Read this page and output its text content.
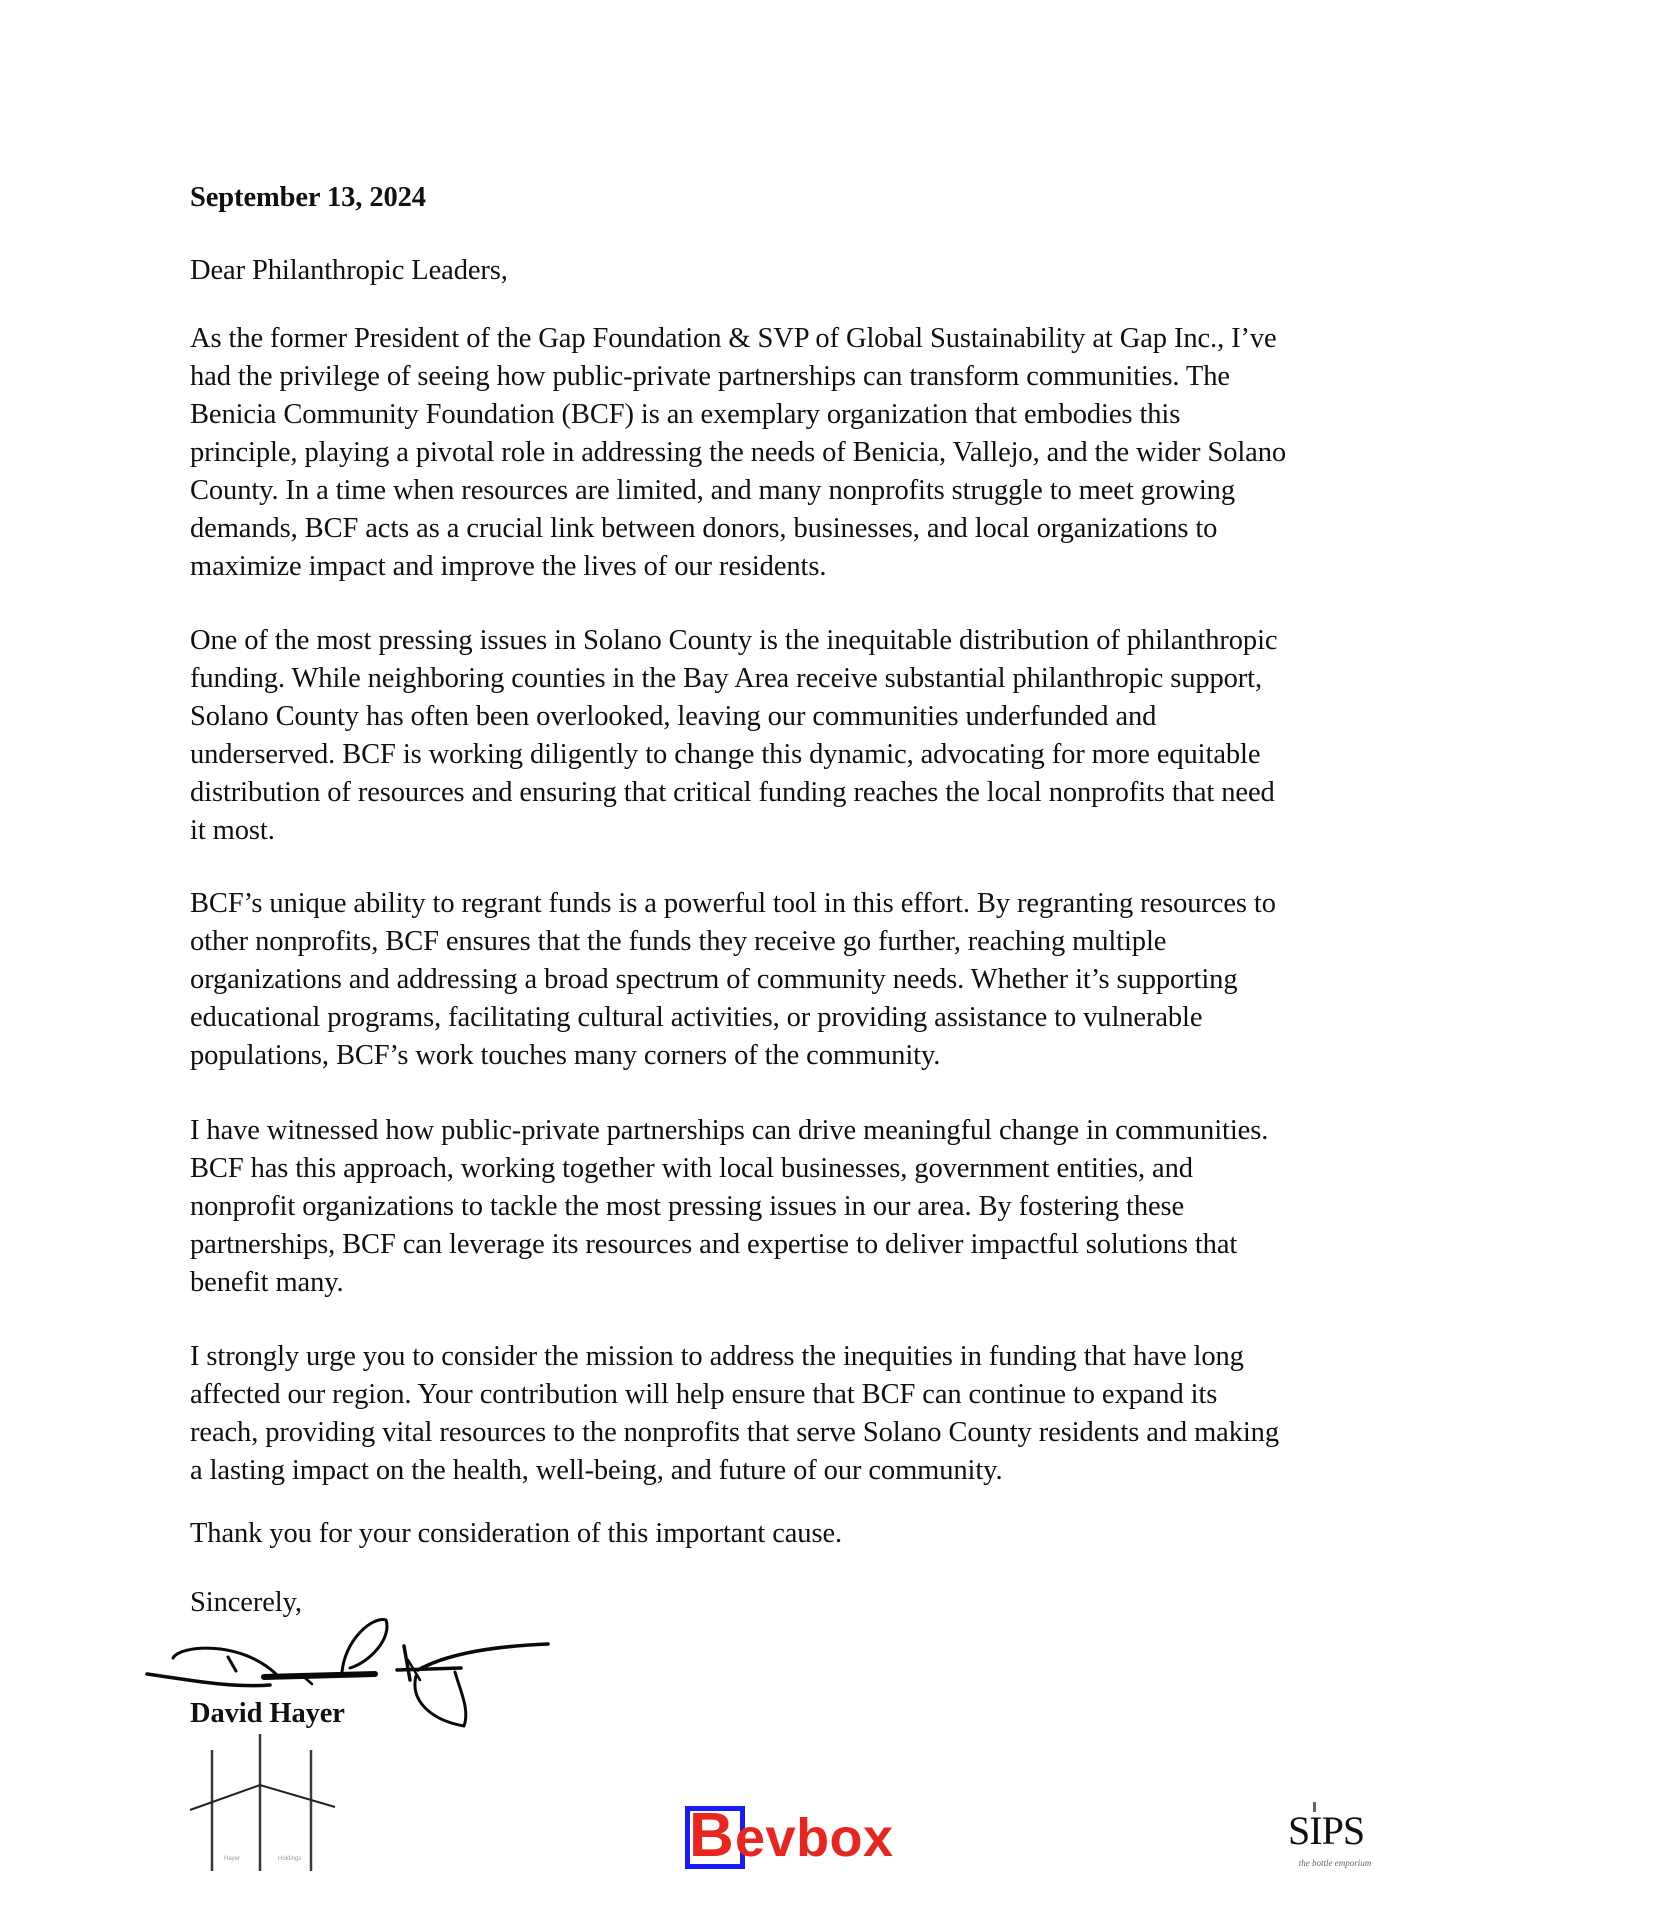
September 13, 2024
Dear Philanthropic Leaders,
As the former President of the Gap Foundation & SVP of Global Sustainability at Gap Inc., I’ve
had the privilege of seeing how public-private partnerships can transform communities. The
Benicia Community Foundation (BCF) is an exemplary organization that embodies this
principle, playing a pivotal role in addressing the needs of Benicia, Vallejo, and the wider Solano
County. In a time when resources are limited, and many nonprofits struggle to meet growing
demands, BCF acts as a crucial link between donors, businesses, and local organizations to
maximize impact and improve the lives of our residents.
One of the most pressing issues in Solano County is the inequitable distribution of philanthropic
funding. While neighboring counties in the Bay Area receive substantial philanthropic support,
Solano County has often been overlooked, leaving our communities underfunded and
underserved. BCF is working diligently to change this dynamic, advocating for more equitable
distribution of resources and ensuring that critical funding reaches the local nonprofits that need
it most.
BCF’s unique ability to regrant funds is a powerful tool in this effort. By regranting resources to
other nonprofits, BCF ensures that the funds they receive go further, reaching multiple
organizations and addressing a broad spectrum of community needs. Whether it’s supporting
educational programs, facilitating cultural activities, or providing assistance to vulnerable
populations, BCF’s work touches many corners of the community.
I have witnessed how public-private partnerships can drive meaningful change in communities.
BCF has this approach, working together with local businesses, government entities, and
nonprofit organizations to tackle the most pressing issues in our area. By fostering these
partnerships, BCF can leverage its resources and expertise to deliver impactful solutions that
benefit many.
I strongly urge you to consider the mission to address the inequities in funding that have long
affected our region. Your contribution will help ensure that BCF can continue to expand its
reach, providing vital resources to the nonprofits that serve Solano County residents and making
a lasting impact on the health, well-being, and future of our community.
Thank you for your consideration of this important cause.
Sincerely,
David Hayer
Hayer	Holdings	B evbox	SIPS
the bottle emporium
